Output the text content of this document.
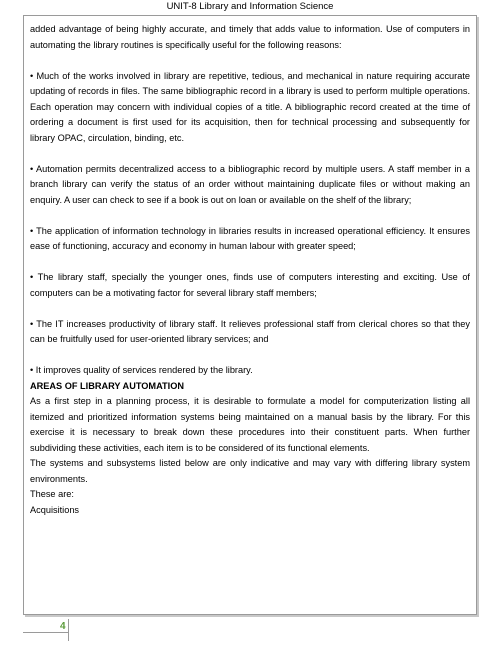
UNIT-8 Library and Information Science

added advantage of being highly accurate, and timely that adds value to information. Use of computers in automating the library routines is specifically useful for the following reasons:

• Much of the works involved in library are repetitive, tedious, and mechanical in nature requiring accurate updating of records in files. The same bibliographic record in a library is used to perform multiple operations. Each operation may concern with individual copies of a title. A bibliographic record created at the time of ordering a document is first used for its acquisition, then for technical processing and subsequently for library OPAC, circulation, binding, etc.

• Automation permits decentralized access to a bibliographic record by multiple users. A staff member in a branch library can verify the status of an order without maintaining duplicate files or without making an enquiry. A user can check to see if a book is out on loan or available on the shelf of the library;

• The application of information technology in libraries results in increased operational efficiency. It ensures ease of functioning, accuracy and economy in human labour with greater speed;

• The library staff, specially the younger ones, finds use of computers interesting and exciting. Use of computers can be a motivating factor for several library staff members;

• The IT increases productivity of library staff. It relieves professional staff from clerical chores so that they can be fruitfully used for user-oriented library services; and

• It improves quality of services rendered by the library.

AREAS OF LIBRARY AUTOMATION

As a first step in a planning process, it is desirable to formulate a model for computerization listing all itemized and prioritized information systems being maintained on a manual basis by the library. For this exercise it is necessary to break down these procedures into their constituent parts. When further subdividing these activities, each item is to be considered of its functional elements.

The systems and subsystems listed below are only indicative and may vary with differing library system environments.

These are:

Acquisitions

4
